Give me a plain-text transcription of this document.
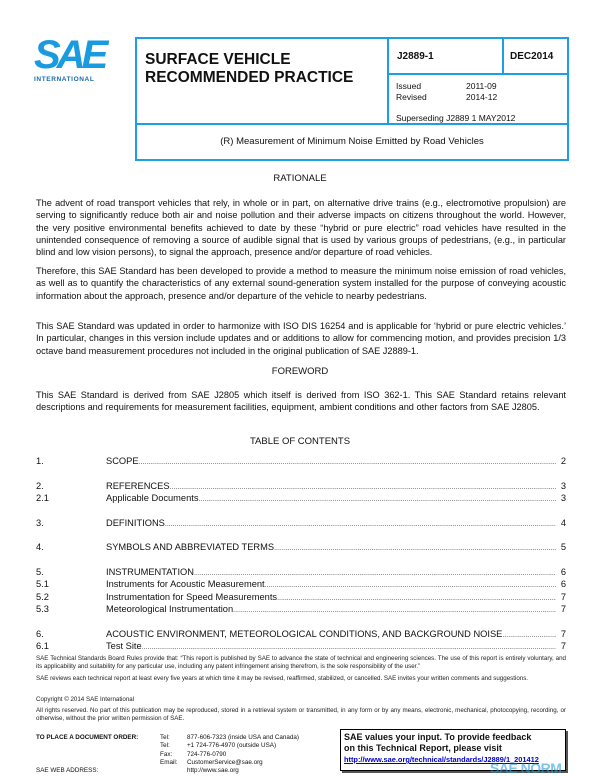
SAE
INTERNATIONAL
SURFACE VEHICLE
RECOMMENDED PRACTICE
J2889-1	DEC2014
Issued	2011-09
Revised	2014-12
Superseding J2889 1 MAY2012
(R) Measurement of Minimum Noise Emitted by Road Vehicles
RATIONALE
The advent of road transport vehicles that rely, in whole or in part, on alternative drive trains (e.g., electromotive propulsion) are serving to significantly reduce both air and noise pollution and their adverse impacts on citizens throughout the world. However, the very positive environmental benefits achieved to date by these “hybrid or pure electric” road vehicles have resulted in the unintended consequence of removing a source of audible signal that is used by various groups of pedestrians, (e.g., in particular blind and low vision persons), to signal the approach, presence and/or departure of road vehicles.
Therefore, this SAE Standard has been developed to provide a method to measure the minimum noise emission of road vehicles, as well as to quantify the characteristics of any external sound-generation system installed for the purpose of conveying acoustic information about the approach, presence and/or departure of the vehicle to nearby pedestrians.
This SAE Standard was updated in order to harmonize with ISO DIS 16254 and is applicable for ‘hybrid or pure electric vehicles.’ In particular, changes in this version include updates and or additions to allow for commencing motion, and provides precision 1/3 octave band measurement procedures not included in the original publication of SAE J2889-1.
FOREWORD
This SAE Standard is derived from SAE J2805 which itself is derived from ISO 362-1. This SAE Standard retains relevant descriptions and requirements for measurement facilities, equipment, ambient conditions and other factors from SAE J2805.
TABLE OF CONTENTS
1.	SCOPE .....	2
2.	REFERENCES .....	3
2.1	Applicable Documents .....	3
3.	DEFINITIONS .....	4
4.	SYMBOLS AND ABBREVIATED TERMS .....	5
5.	INSTRUMENTATION .....	6
5.1	Instruments for Acoustic Measurement .....	6
5.2	Instrumentation for Speed Measurements .....	7
5.3	Meteorological Instrumentation .....	7
6.	ACOUSTIC ENVIRONMENT, METEOROLOGICAL CONDITIONS, AND BACKGROUND NOISE .....	7
6.1	Test Site .....	7
SAE Technical Standards Board Rules provide that: “This report is published by SAE to advance the state of technical and engineering sciences. The use of this report is entirely voluntary, and its applicability and suitability for any particular use, including any patent infringement arising therefrom, is the sole responsibility of the user.”
SAE reviews each technical report at least every five years at which time it may be revised, reaffirmed, stabilized, or cancelled. SAE invites your written comments and suggestions.
Copyright © 2014 SAE International
All rights reserved. No part of this publication may be reproduced, stored in a retrieval system or transmitted, in any form or by any means, electronic, mechanical, photocopying, recording, or otherwise, without the prior written permission of SAE.
TO PLACE A DOCUMENT ORDER:
SAE WEB ADDRESS:
Tel:	877-606-7323 (inside USA and Canada)
Tel:	+1 724-776-4970 (outside USA)
Fax:	724-776-0790
Email:	CustomerService@sae.org
http://www.sae.org
SAE values your input. To provide feedback
on this Technical Report, please visit
http://www.sae.org/technical/standards/J2889/1_201412
SAE NORM
